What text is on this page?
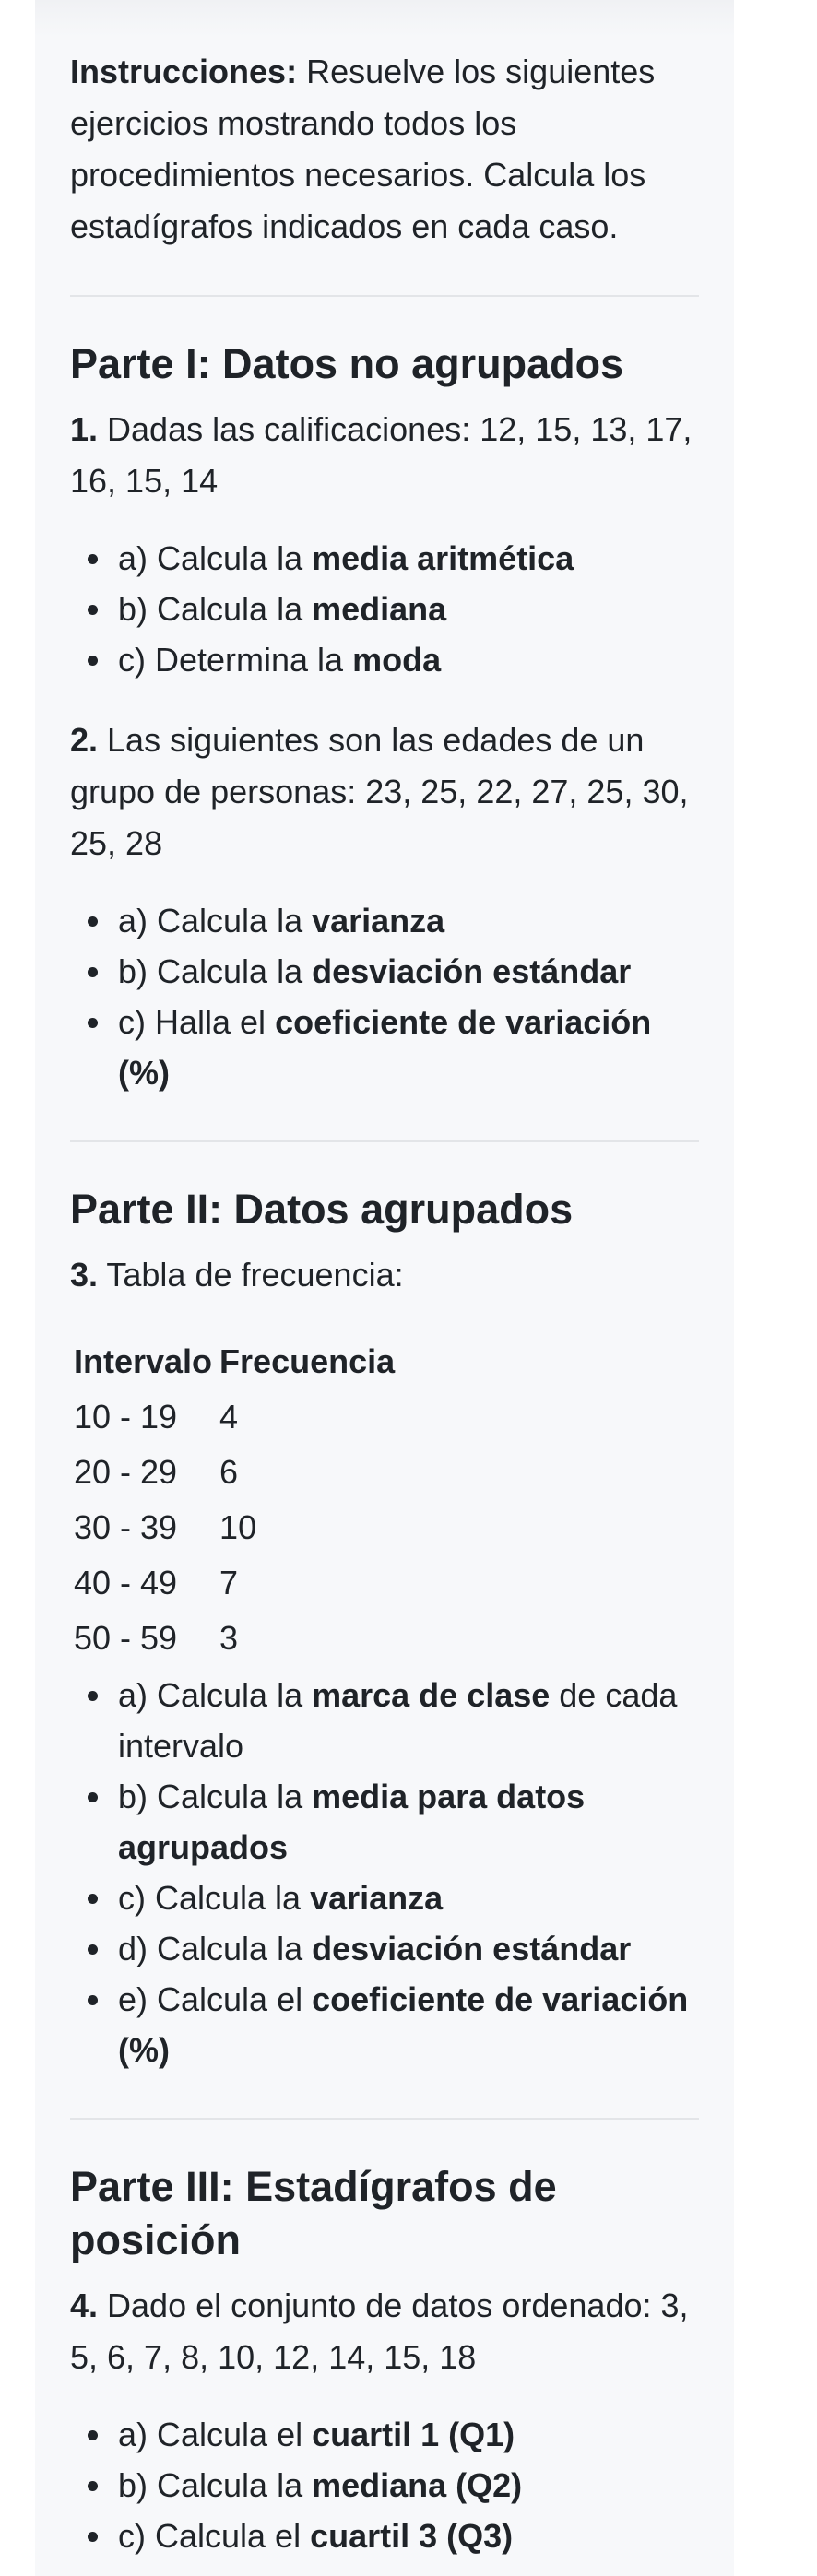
Instrucciones: Resuelve los siguientes ejercicios mostrando todos los procedimientos necesarios. Calcula los estadígrafos indicados en cada caso.

Parte I: Datos no agrupados

1. Dadas las calificaciones: 12, 15, 13, 17, 16, 15, 14

• a) Calcula la media aritmética
• b) Calcula la mediana
• c) Determina la moda

2. Las siguientes son las edades de un grupo de personas: 23, 25, 22, 27, 25, 30, 25, 28

• a) Calcula la varianza
• b) Calcula la desviación estándar
• c) Halla el coeficiente de variación (%)
Parte II: Datos agrupados

3. Tabla de frecuencia:

Intervalo	Frecuencia
10 - 19	4
20 - 29	6
30 - 39	10
40 - 49	7
50 - 59	3
• a) Calcula la marca de clase de cada intervalo
• b) Calcula la media para datos agrupados
• c) Calcula la varianza
• d) Calcula la desviación estándar
• e) Calcula el coeficiente de variación (%)
Parte III: Estadígrafos de posición

4. Dado el conjunto de datos ordenado: 3, 5, 6, 7, 8, 10, 12, 14, 15, 18

• a) Calcula el cuartil 1 (Q1)
• b) Calcula la mediana (Q2)
• c) Calcula el cuartil 3 (Q3)
